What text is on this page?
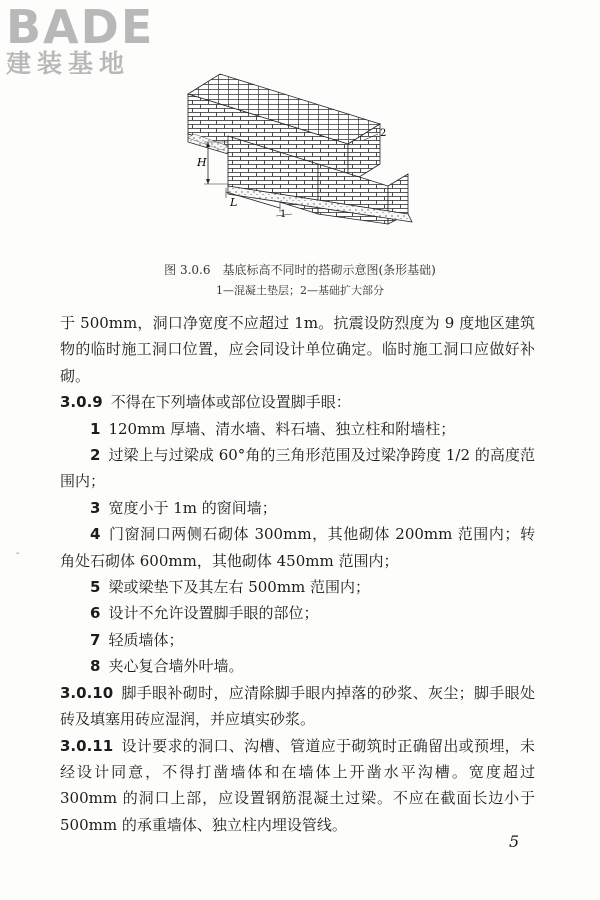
BADE
建装基地
H
L
1
2
图 3.0.6　基底标高不同时的搭砌示意图(条形基础)
1—混凝土垫层；2—基础扩大部分

于 500mm，洞口净宽度不应超过 1m。抗震设防烈度为 9 度地区建筑物的临时施工洞口位置，应会同设计单位确定。临时施工洞口应做好补砌。

3.0.9 不得在下列墙体或部位设置脚手眼：

1 120mm 厚墙、清水墙、料石墙、独立柱和附墙柱；

2 过梁上与过梁成 60°角的三角形范围及过梁净跨度 1/2 的高度范围内；

3 宽度小于 1m 的窗间墙；

4 门窗洞口两侧石砌体 300mm，其他砌体 200mm 范围内；转角处石砌体 600mm，其他砌体 450mm 范围内；

5 梁或梁垫下及其左右 500mm 范围内；

6 设计不允许设置脚手眼的部位；

7 轻质墙体；

8 夹心复合墙外叶墙。

3.0.10 脚手眼补砌时，应清除脚手眼内掉落的砂浆、灰尘；脚手眼处砖及填塞用砖应湿润，并应填实砂浆。

3.0.11 设计要求的洞口、沟槽、管道应于砌筑时正确留出或预埋，未经设计同意，不得打凿墙体和在墙体上开凿水平沟槽。宽度超过 300mm 的洞口上部，应设置钢筋混凝土过梁。不应在截面长边小于 500mm 的承重墙体、独立柱内埋设管线。

-
5
